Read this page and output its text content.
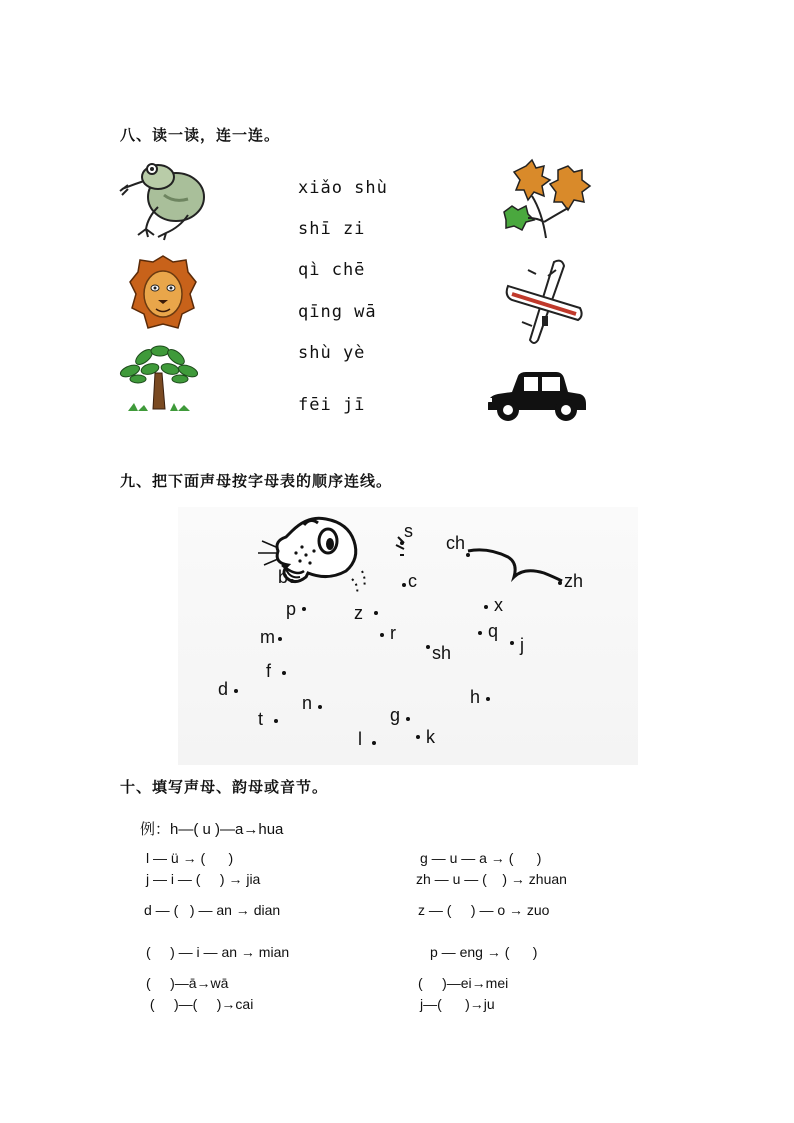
八、读一读，连一连。
xiǎo shù
shī zi
qì chē
qīng wā
shù yè
fēi jī
九、把下面声母按字母表的顺序连线。
s
ch
zh
b	c
x
p	z
q
m	r
j
sh
f
d	h
n
g
t
l	k
十、填写声母、韵母或音节。
例：h—( u )—a→hua
l — ü → (      )
j — i — (     ) → jia
d — (   ) — an → dian
(     ) — i — an → mian
(     )—ā→wā
(     )—(     )→cai
g — u — a → (      )
zh — u — (    ) → zhuan
z — (     ) — o → zuo
p — eng → (      )
(     )—ei→mei
j—(      )→ju
